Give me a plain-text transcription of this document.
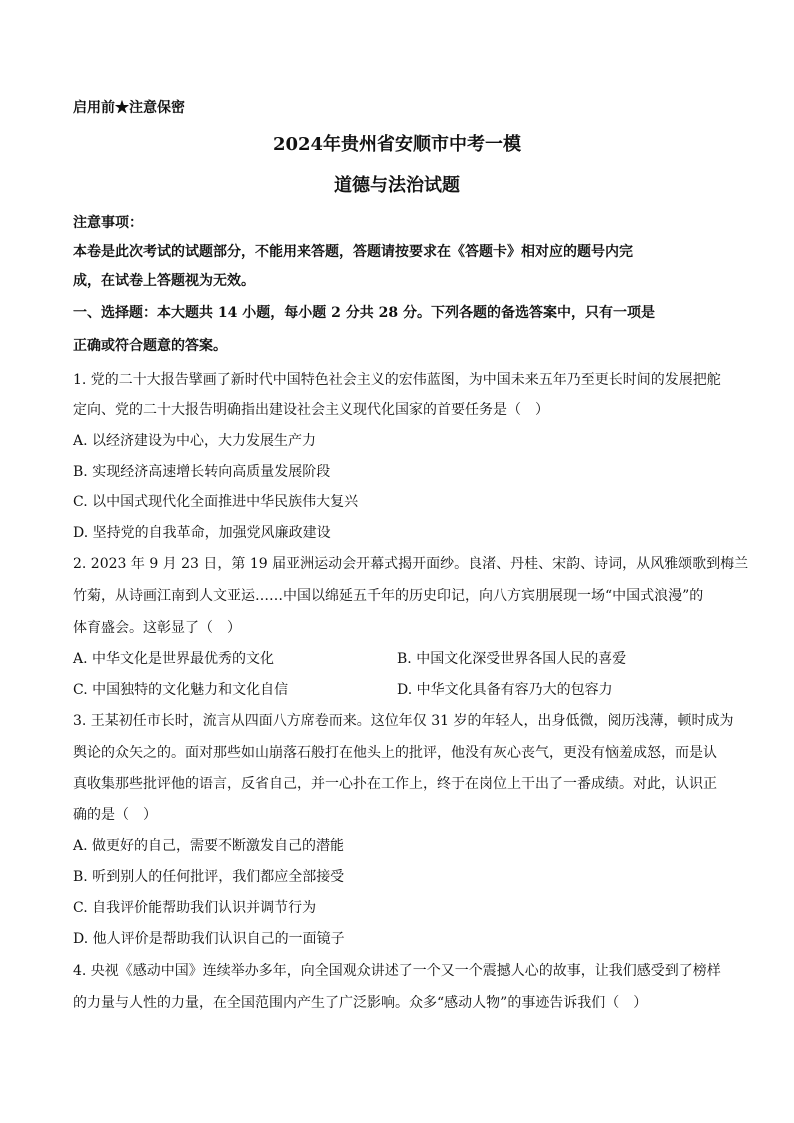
启用前★注意保密
2024年贵州省安顺市中考一模
道德与法治试题
注意事项：
本卷是此次考试的试题部分，不能用来答题，答题请按要求在《答题卡》相对应的题号内完
成，在试卷上答题视为无效。
一、选择题：本大题共 14 小题，每小题 2 分共 28 分。下列各题的备选答案中，只有一项是
正确或符合题意的答案。
1. 党的二十大报告擘画了新时代中国特色社会主义的宏伟蓝图，为中国未来五年乃至更长时间的发展把舵
定向、党的二十大报告明确指出建设社会主义现代化国家的首要任务是（　）
A. 以经济建设为中心，大力发展生产力
B. 实现经济高速增长转向高质量发展阶段
C. 以中国式现代化全面推进中华民族伟大复兴
D. 坚持党的自我革命，加强党风廉政建设
2. 2023 年 9 月 23 日，第 19 届亚洲运动会开幕式揭开面纱。良渚、丹桂、宋韵、诗词，从风雅颂歌到梅兰
竹菊，从诗画江南到人文亚运……中国以绵延五千年的历史印记，向八方宾朋展现一场“中国式浪漫”的
体育盛会。这彰显了（　）
A. 中华文化是世界最优秀的文化	B. 中国文化深受世界各国人民的喜爱
C. 中国独特的文化魅力和文化自信	D. 中华文化具备有容乃大的包容力
3. 王某初任市长时，流言从四面八方席卷而来。这位年仅 31 岁的年轻人，出身低微，阅历浅薄，顿时成为
舆论的众矢之的。面对那些如山崩落石般打在他头上的批评，他没有灰心丧气，更没有恼羞成怒，而是认
真收集那些批评他的语言，反省自己，并一心扑在工作上，终于在岗位上干出了一番成绩。对此，认识正
确的是（　）
A. 做更好的自己，需要不断激发自己的潜能
B. 听到别人的任何批评，我们都应全部接受
C. 自我评价能帮助我们认识并调节行为
D. 他人评价是帮助我们认识自己的一面镜子
4. 央视《感动中国》连续举办多年，向全国观众讲述了一个又一个震撼人心的故事，让我们感受到了榜样
的力量与人性的力量，在全国范围内产生了广泛影响。众多“感动人物”的事迹告诉我们（　）
